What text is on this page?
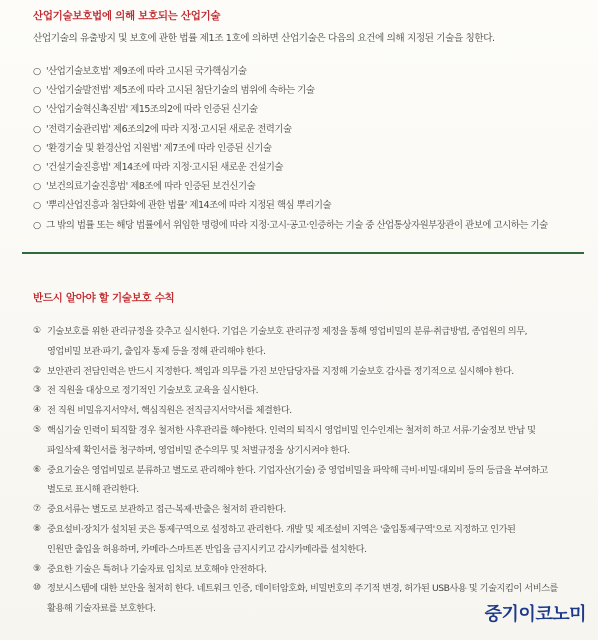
산업기술보호법에 의해 보호되는 산업기술
산업기술의 유출방지 및 보호에 관한 법률 제1조 1호에 의하면 산업기술은 다음의 요건에 의해 지정된 기술을 칭한다.
○ '산업기술보호법' 제9조에 따라 고시된 국가핵심기술
○ '산업기술발전법' 제5조에 따라 고시된 첨단기술의 범위에 속하는 기술
○ '산업기술혁신촉진법' 제15조의2에 따라 인증된 신기술
○ '전력기술관리법' 제6조의2에 따라 지정·고시된 새로운 전력기술
○ '환경기술 및 환경산업 지원법' 제7조에 따라 인증된 신기술
○ '건설기술진흥법' 제14조에 따라 지정·고시된 새로운 건설기술
○ '보건의료기술진흥법' 제8조에 따라 인증된 보건신기술
○ '뿌리산업진흥과 첨단화에 관한 법률' 제14조에 따라 지정된 핵심 뿌리기술
○ 그 밖의 법률 또는 해당 법률에서 위임한 명령에 따라 지정·고시·공고·인증하는 기술 중 산업통상자원부장관이 관보에 고시하는 기술
반드시 알아야 할 기술보호 수칙
① 기술보호를 위한 관리규정을 갖추고 실시한다. 기업은 기술보호 관리규정 제정을 통해 영업비밀의 분류·취급방법, 종업원의 의무,
영업비밀 보관·파기, 출입자 통제 등을 정해 관리해야 한다.
② 보안관리 전담인력은 반드시 지정한다. 책임과 의무를 가진 보안담당자를 지정해 기술보호 감사를 정기적으로 실시해야 한다.
③ 전 직원을 대상으로 정기적인 기술보호 교육을 실시한다.
④ 전 직원 비밀유지서약서, 핵심직원은 전직금지서약서를 체결한다.
⑤ 핵심기술 인력이 퇴직할 경우 철저한 사후관리를 해야한다. 인력의 퇴직시 영업비밀 인수인계는 철저히 하고 서류·기술정보 반납 및
파일삭제 확인서를 청구하며, 영업비밀 준수의무 및 처벌규정을 상기시켜야 한다.
⑥ 중요기술은 영업비밀로 분류하고 별도로 관리해야 한다. 기업자산(기술) 중 영업비밀을 파악해 극비·비밀·대외비 등의 등급을 부여하고
별도로 표시해 관리한다.
⑦ 중요서류는 별도로 보관하고 접근·복제·반출은 철저히 관리한다.
⑧ 중요설비·장치가 설치된 곳은 통제구역으로 설정하고 관리한다. 개발 및 제조설비 지역은 '출입통제구역'으로 지정하고 인가된
인원만 출입을 허용하며, 카메라·스마트폰 반입을 금지시키고 감시카메라를 설치한다.
⑨ 중요한 기술은 특허나 기술자료 임치로 보호해야 안전하다.
⑩ 정보시스템에 대한 보안을 철저히 한다. 네트워크 인증, 데이터암호화, 비밀번호의 주기적 변경, 허가된 USB사용 및 기술지킴이 서비스를
활용해 기술자료를 보호한다.	중기이코노미
